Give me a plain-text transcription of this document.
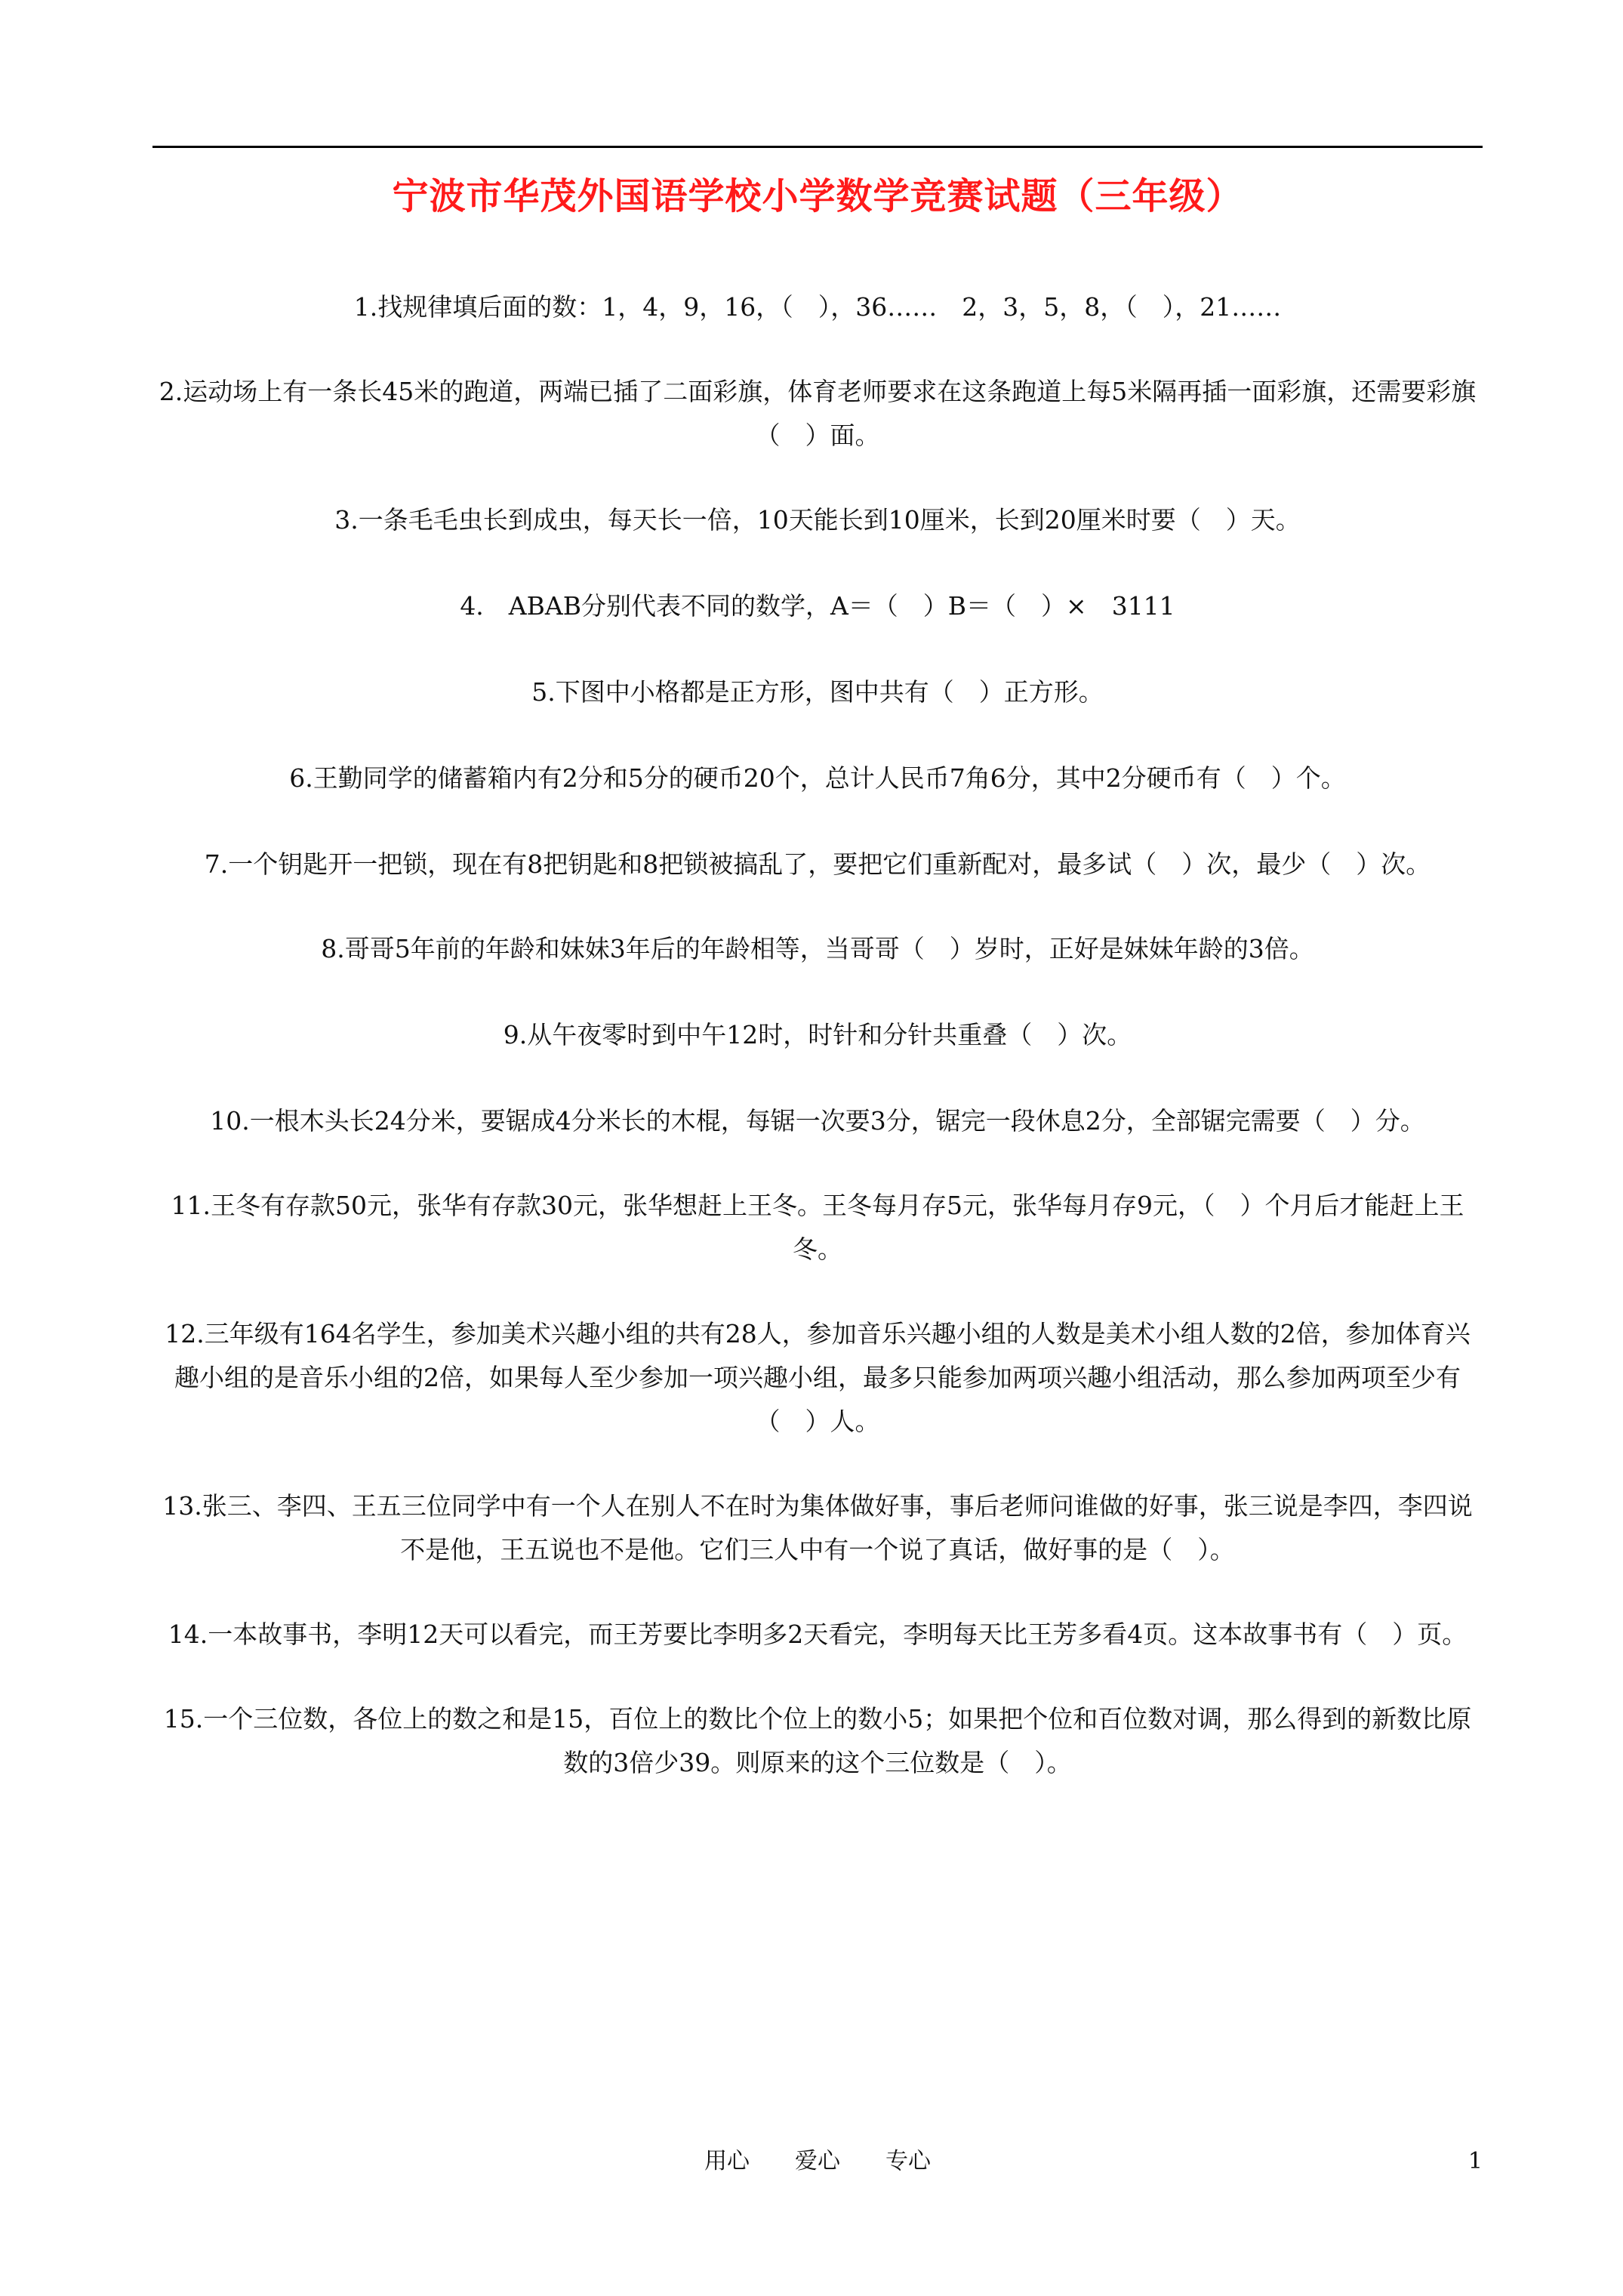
宁波市华茂外国语学校小学数学竞赛试题（三年级）
1.找规律填后面的数：1，4，9，16，（　），36……　2，3，5，8，（　），21……
2.运动场上有一条长45米的跑道，两端已插了二面彩旗，体育老师要求在这条跑道上每5米隔再插一面彩旗，还需要彩旗（　）面。
3.一条毛毛虫长到成虫，每天长一倍，10天能长到10厘米，长到20厘米时要（　）天。
4.　ABAB分别代表不同的数学，A＝（　）B＝（　）×　3111
5.下图中小格都是正方形，图中共有（　）正方形。
6.王勤同学的储蓄箱内有2分和5分的硬币20个，总计人民币7角6分，其中2分硬币有（　）个。
7.一个钥匙开一把锁，现在有8把钥匙和8把锁被搞乱了，要把它们重新配对，最多试（　）次，最少（　）次。
8.哥哥5年前的年龄和妹妹3年后的年龄相等，当哥哥（　）岁时，正好是妹妹年龄的3倍。
9.从午夜零时到中午12时，时针和分针共重叠（　）次。
10.一根木头长24分米，要锯成4分米长的木棍，每锯一次要3分，锯完一段休息2分，全部锯完需要（　）分。
11.王冬有存款50元，张华有存款30元，张华想赶上王冬。王冬每月存5元，张华每月存9元，（　）个月后才能赶上王冬。
12.三年级有164名学生，参加美术兴趣小组的共有28人，参加音乐兴趣小组的人数是美术小组人数的2倍，参加体育兴趣小组的是音乐小组的2倍，如果每人至少参加一项兴趣小组，最多只能参加两项兴趣小组活动，那么参加两项至少有（　）人。
13.张三、李四、王五三位同学中有一个人在别人不在时为集体做好事，事后老师问谁做的好事，张三说是李四，李四说不是他，王五说也不是他。它们三人中有一个说了真话，做好事的是（　）。
14.一本故事书，李明12天可以看完，而王芳要比李明多2天看完，李明每天比王芳多看4页。这本故事书有（　）页。
15.一个三位数，各位上的数之和是15，百位上的数比个位上的数小5；如果把个位和百位数对调，那么得到的新数比原数的3倍少39。则原来的这个三位数是（　）。
用心　　爱心　　专心	1
